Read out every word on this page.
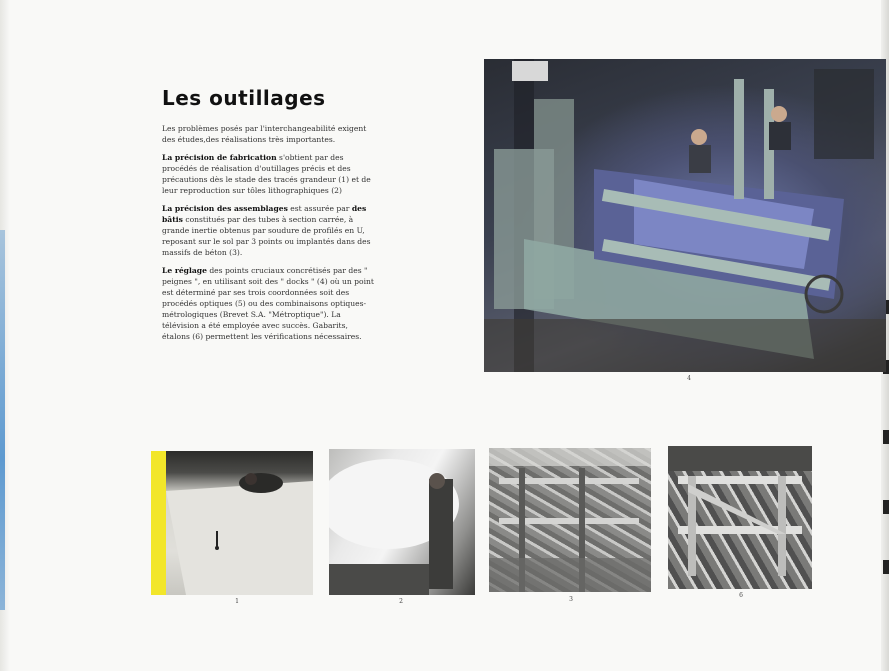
Les outillages

Les problèmes posés par l'interchangeabilité exigent des études,des réalisations très importantes.

La précision de fabrication s'obtient par des procédés de réalisation d'outillages précis et des précautions dès le stade des tracés grandeur (1) et de leur reproduction sur tôles lithographiques (2)

La précision des assemblages est assurée par des bâtis constitués par des tubes à section carrée, à grande inertie obtenus par soudure de profilés en U, reposant sur le sol par 3 points ou implantés dans des massifs de béton (3).

Le réglage des points cruciaux concrétisés par des " peignes ", en utilisant soit des " docks " (4) où un point est déterminé par ses trois coordonnées soit des procédés optiques (5) ou des combinaisons optiques-métrologiques (Brevet S.A. "Métroptique"). La télévision a été employée avec succès. Gabarits, étalons (6) permettent les vérifications nécessaires.

4
1	2	3
6
